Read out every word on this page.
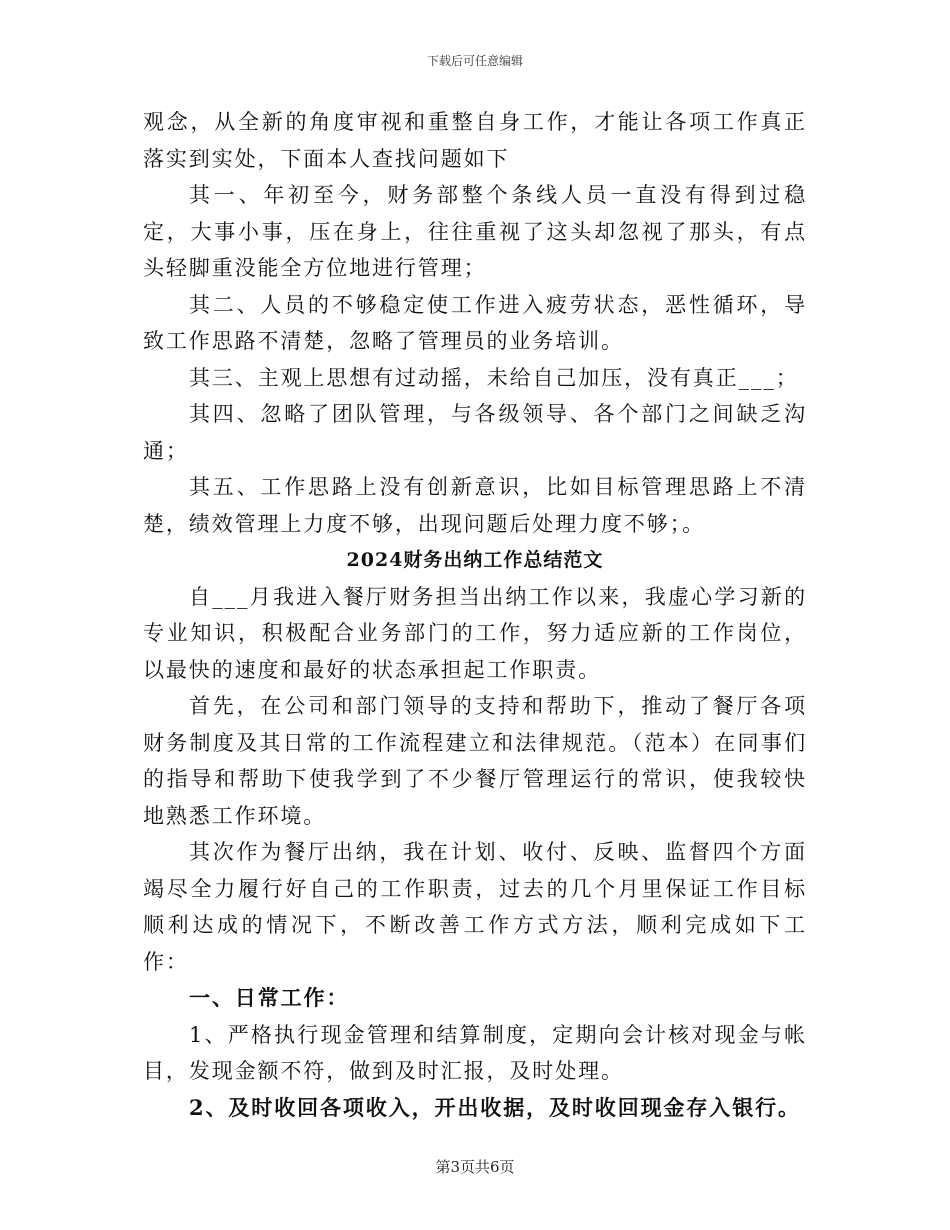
下载后可任意编辑

观念，从全新的角度审视和重整自身工作，才能让各项工作真正落实到实处，下面本人查找问题如下

其一、年初至今，财务部整个条线人员一直没有得到过稳定，大事小事，压在身上，往往重视了这头却忽视了那头，有点头轻脚重没能全方位地进行管理；

其二、人员的不够稳定使工作进入疲劳状态，恶性循环，导致工作思路不清楚，忽略了管理员的业务培训。

其三、主观上思想有过动摇，未给自己加压，没有真正___；

其四、忽略了团队管理，与各级领导、各个部门之间缺乏沟通；

其五、工作思路上没有创新意识，比如目标管理思路上不清楚，绩效管理上力度不够，出现问题后处理力度不够；。

2024财务出纳工作总结范文

自___月我进入餐厅财务担当出纳工作以来，我虚心学习新的专业知识，积极配合业务部门的工作，努力适应新的工作岗位，以最快的速度和最好的状态承担起工作职责。

首先，在公司和部门领导的支持和帮助下，推动了餐厅各项财务制度及其日常的工作流程建立和法律规范。（范本）在同事们的指导和帮助下使我学到了不少餐厅管理运行的常识，使我较快地熟悉工作环境。

其次作为餐厅出纳，我在计划、收付、反映、监督四个方面竭尽全力履行好自己的工作职责，过去的几个月里保证工作目标顺利达成的情况下，不断改善工作方式方法，顺利完成如下工作：

一、日常工作：

1、严格执行现金管理和结算制度，定期向会计核对现金与帐目，发现金额不符，做到及时汇报，及时处理。

2、及时收回各项收入，开出收据，及时收回现金存入银行。

第3页共6页
